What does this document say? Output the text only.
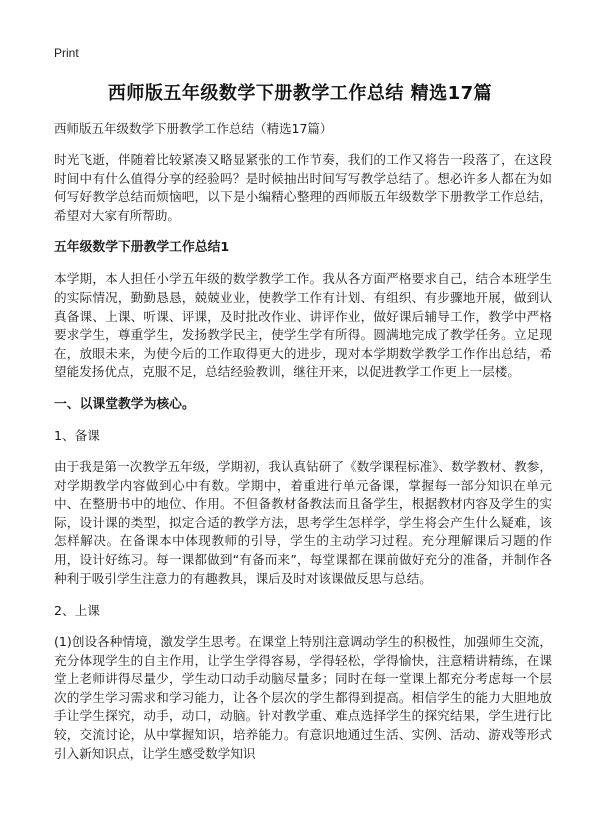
Print
西师版五年级数学下册教学工作总结 精选17篇

西师版五年级数学下册教学工作总结（精选17篇）

时光飞逝，伴随着比较紧凑又略显紧张的工作节奏，我们的工作又将告一段落了，在这段时间中有什么值得分享的经验吗？是时候抽出时间写写教学总结了。想必许多人都在为如何写好教学总结而烦恼吧，以下是小编精心整理的西师版五年级数学下册教学工作总结，希望对大家有所帮助。

五年级数学下册教学工作总结1

本学期，本人担任小学五年级的数学教学工作。我从各方面严格要求自己，结合本班学生的实际情况，勤勤恳恳，兢兢业业，使教学工作有计划、有组织、有步骤地开展，做到认真备课、上课、听课、评课，及时批改作业、讲评作业，做好课后辅导工作，教学中严格要求学生，尊重学生，发扬教学民主，使学生学有所得。圆满地完成了教学任务。立足现在，放眼未来，为使今后的工作取得更大的进步，现对本学期数学教学工作作出总结，希望能发扬优点，克服不足，总结经验教训，继往开来，以促进教学工作更上一层楼。

一、以课堂教学为核心。

1、备课

由于我是第一次教学五年级，学期初，我认真钻研了《数学课程标准》、数学教材、教参，对学期教学内容做到心中有数。学期中，着重进行单元备课，掌握每一部分知识在单元中、在整册书中的地位、作用。不但备教材备教法而且备学生，根据教材内容及学生的实际，设计课的类型，拟定合适的教学方法，思考学生怎样学，学生将会产生什么疑难，该怎样解决。在备课本中体现教师的引导，学生的主动学习过程。充分理解课后习题的作用，设计好练习。每一课都做到“有备而来”，每堂课都在课前做好充分的准备，并制作各种利于吸引学生注意力的有趣教具，课后及时对该课做反思与总结。

2、上课

(1)创设各种情境，激发学生思考。在课堂上特别注意调动学生的积极性，加强师生交流，充分体现学生的自主作用，让学生学得容易，学得轻松，学得愉快，注意精讲精练，在课堂上老师讲得尽量少，学生动口动手动脑尽量多；同时在每一堂课上都充分考虑每一个层次的学生学习需求和学习能力，让各个层次的学生都得到提高。相信学生的能力大胆地放手让学生探究，动手，动口，动脑。针对教学重、难点选择学生的探究结果，学生进行比较，交流讨论，从中掌握知识，培养能力。有意识地通过生活、实例、活动、游戏等形式引入新知识点，让学生感受数学知识
